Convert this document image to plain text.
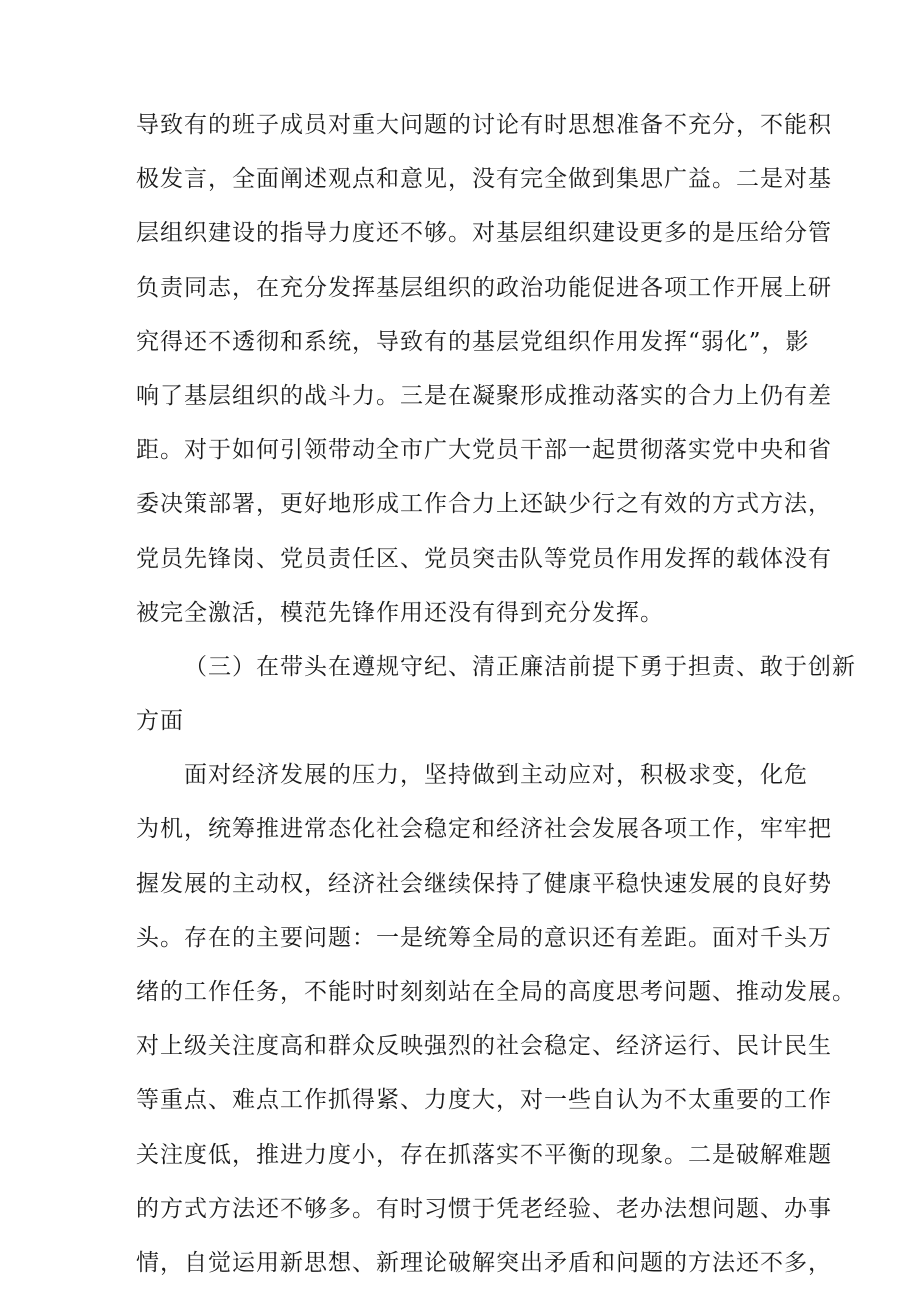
导致有的班子成员对重大问题的讨论有时思想准备不充分，不能积
极发言，全面阐述观点和意见，没有完全做到集思广益。二是对基
层组织建设的指导力度还不够。对基层组织建设更多的是压给分管
负责同志，在充分发挥基层组织的政治功能促进各项工作开展上研
究得还不透彻和系统，导致有的基层党组织作用发挥“弱化”，影
响了基层组织的战斗力。三是在凝聚形成推动落实的合力上仍有差
距。对于如何引领带动全市广大党员干部一起贯彻落实党中央和省
委决策部署，更好地形成工作合力上还缺少行之有效的方式方法，
党员先锋岗、党员责任区、党员突击队等党员作用发挥的载体没有
被完全激活，模范先锋作用还没有得到充分发挥。
（三）在带头在遵规守纪、清正廉洁前提下勇于担责、敢于创新
方面
面对经济发展的压力，坚持做到主动应对，积极求变，化危
为机，统筹推进常态化社会稳定和经济社会发展各项工作，牢牢把
握发展的主动权，经济社会继续保持了健康平稳快速发展的良好势
头。存在的主要问题：一是统筹全局的意识还有差距。面对千头万
绪的工作任务，不能时时刻刻站在全局的高度思考问题、推动发展。
对上级关注度高和群众反映强烈的社会稳定、经济运行、民计民生
等重点、难点工作抓得紧、力度大，对一些自认为不太重要的工作
关注度低，推进力度小，存在抓落实不平衡的现象。二是破解难题
的方式方法还不够多。有时习惯于凭老经验、老办法想问题、办事
情，自觉运用新思想、新理论破解突出矛盾和问题的方法还不多，
